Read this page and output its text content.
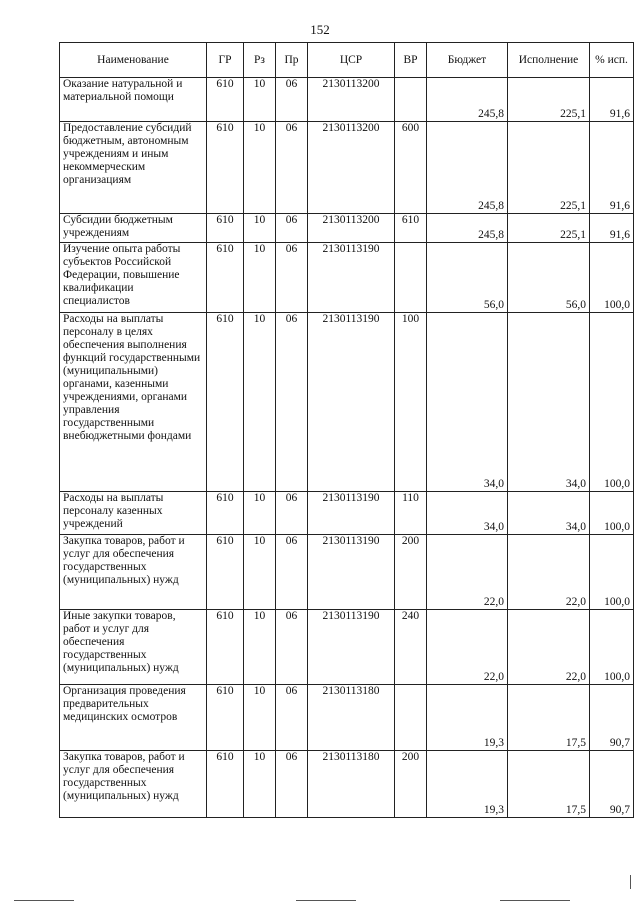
152
Наименование	ГР	Рз	Пр	ЦСР	ВР	Бюджет	Исполнение	% исп.
Оказание натуральной и материальной помощи	610	10	06	2130113200		245,8	225,1	91,6
Предоставление субсидий бюджетным, автономным учреждениям и иным некоммерческим организациям	610	10	06	2130113200	600	245,8	225,1	91,6
Субсидии бюджетным учреждениям	610	10	06	2130113200	610	245,8	225,1	91,6
Изучение опыта работы субъектов Российской Федерации, повышение квалификации специалистов	610	10	06	2130113190		56,0	56,0	100,0
Расходы на выплаты персоналу в целях обеспечения выполнения функций государственными (муниципальными) органами, казенными учреждениями, органами управления государственными внебюджетными фондами	610	10	06	2130113190	100	34,0	34,0	100,0
Расходы на выплаты персоналу казенных учреждений	610	10	06	2130113190	110	34,0	34,0	100,0
Закупка товаров, работ и услуг для обеспечения государственных (муниципальных) нужд	610	10	06	2130113190	200	22,0	22,0	100,0
Иные закупки товаров, работ и услуг для обеспечения государственных (муниципальных) нужд	610	10	06	2130113190	240	22,0	22,0	100,0
Организация проведения предварительных медицинских осмотров	610	10	06	2130113180		19,3	17,5	90,7
Закупка товаров, работ и услуг для обеспечения государственных (муниципальных) нужд	610	10	06	2130113180	200	19,3	17,5	90,7
